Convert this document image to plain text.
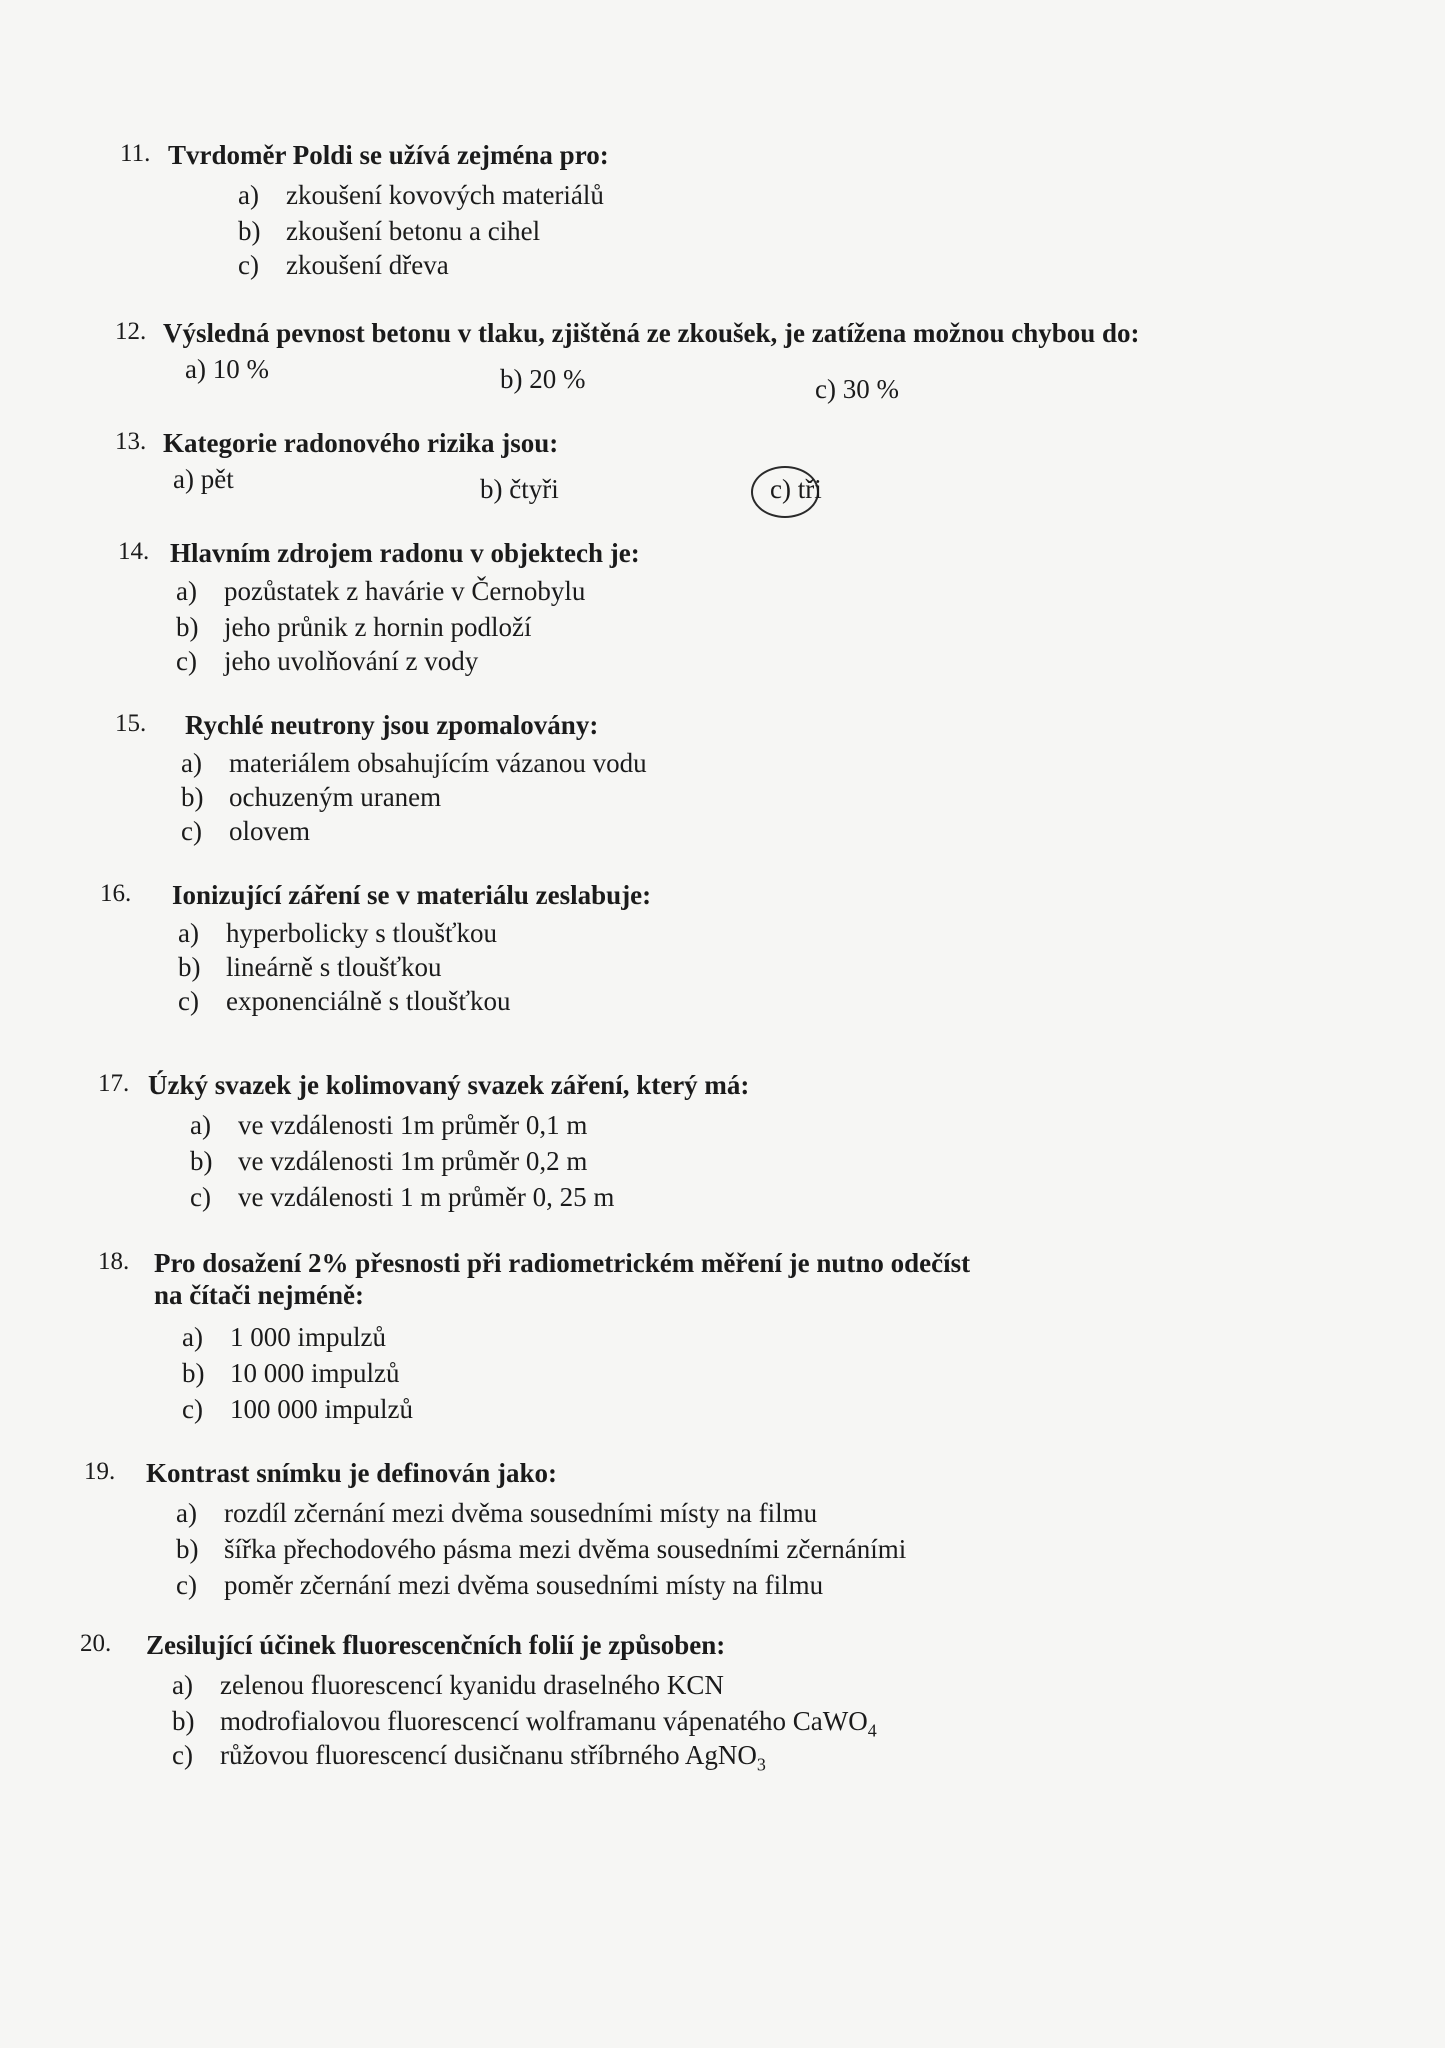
11. Tvrdoměr Poldi se užívá zejména pro:
a) zkoušení kovových materiálů
b) zkoušení betonu a cihel
c) zkoušení dřeva
12. Výsledná pevnost betonu v tlaku, zjištěná ze zkoušek, je zatížena možnou chybou do:
a) 10 %	b) 20 %	c) 30 %
13. Kategorie radonového rizika jsou:
a) pět	b) čtyři	c) tři
14. Hlavním zdrojem radonu v objektech je:
a) pozůstatek z havárie v Černobylu
b) jeho průnik z hornin podloží
c) jeho uvolňování z vody
15. Rychlé neutrony jsou zpomalovány:
a) materiálem obsahujícím vázanou vodu
b) ochuzeným uranem
c) olovem
16. Ionizující záření se v materiálu zeslabuje:
a) hyperbolicky s tloušťkou
b) lineárně s tloušťkou
c) exponenciálně s tloušťkou
17. Úzký svazek je kolimovaný svazek záření, který má:
a) ve vzdálenosti 1m průměr 0,1 m
b) ve vzdálenosti 1m průměr 0,2 m
c) ve vzdálenosti 1 m průměr 0, 25 m
18. Pro dosažení 2% přesnosti při radiometrickém měření je nutno odečíst
na čítači nejméně:
a) 1 000 impulzů
b) 10 000 impulzů
c) 100 000 impulzů
19. Kontrast snímku je definován jako:
a) rozdíl zčernání mezi dvěma sousedními místy na filmu
b) šířka přechodového pásma mezi dvěma sousedními zčernáními
c) poměr zčernání mezi dvěma sousedními místy na filmu
20. Zesilující účinek fluorescenčních folií je způsoben:
a) zelenou fluorescencí kyanidu draselného KCN
b) modrofialovou fluorescencí wolframanu vápenatého CaWO$_4$
c) růžovou fluorescencí dusičnanu stříbrného AgNO$_3$
